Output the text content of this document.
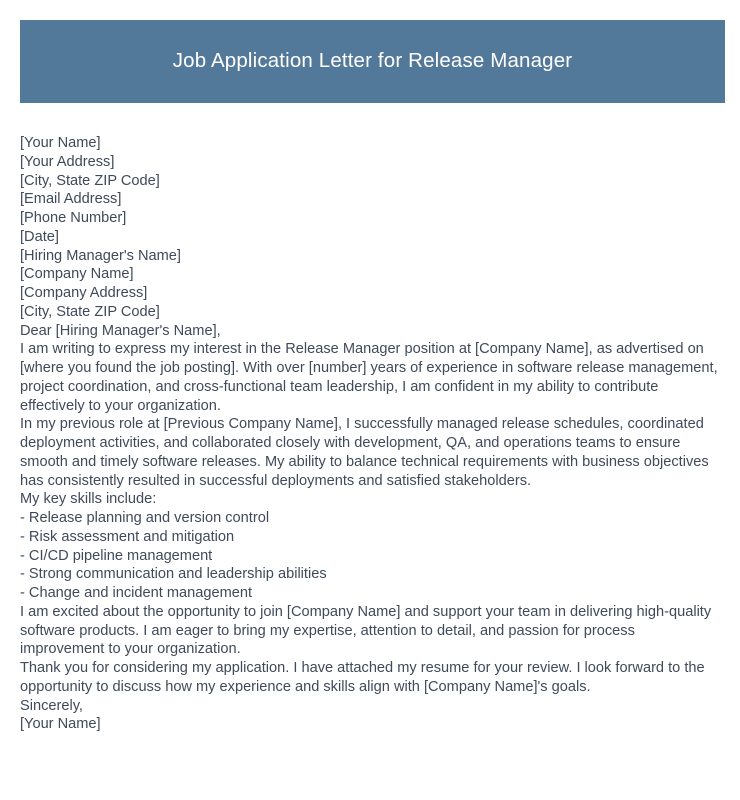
Job Application Letter for Release Manager
[Your Name]
[Your Address]
[City, State ZIP Code]
[Email Address]
[Phone Number]
[Date]
[Hiring Manager's Name]
[Company Name]
[Company Address]
[City, State ZIP Code]
Dear [Hiring Manager's Name],
I am writing to express my interest in the Release Manager position at [Company Name], as advertised on [where you found the job posting]. With over [number] years of experience in software release management, project coordination, and cross-functional team leadership, I am confident in my ability to contribute effectively to your organization.
In my previous role at [Previous Company Name], I successfully managed release schedules, coordinated deployment activities, and collaborated closely with development, QA, and operations teams to ensure smooth and timely software releases. My ability to balance technical requirements with business objectives has consistently resulted in successful deployments and satisfied stakeholders.
My key skills include:
- Release planning and version control
- Risk assessment and mitigation
- CI/CD pipeline management
- Strong communication and leadership abilities
- Change and incident management
I am excited about the opportunity to join [Company Name] and support your team in delivering high-quality software products. I am eager to bring my expertise, attention to detail, and passion for process improvement to your organization.
Thank you for considering my application. I have attached my resume for your review. I look forward to the opportunity to discuss how my experience and skills align with [Company Name]'s goals.
Sincerely,
[Your Name]
